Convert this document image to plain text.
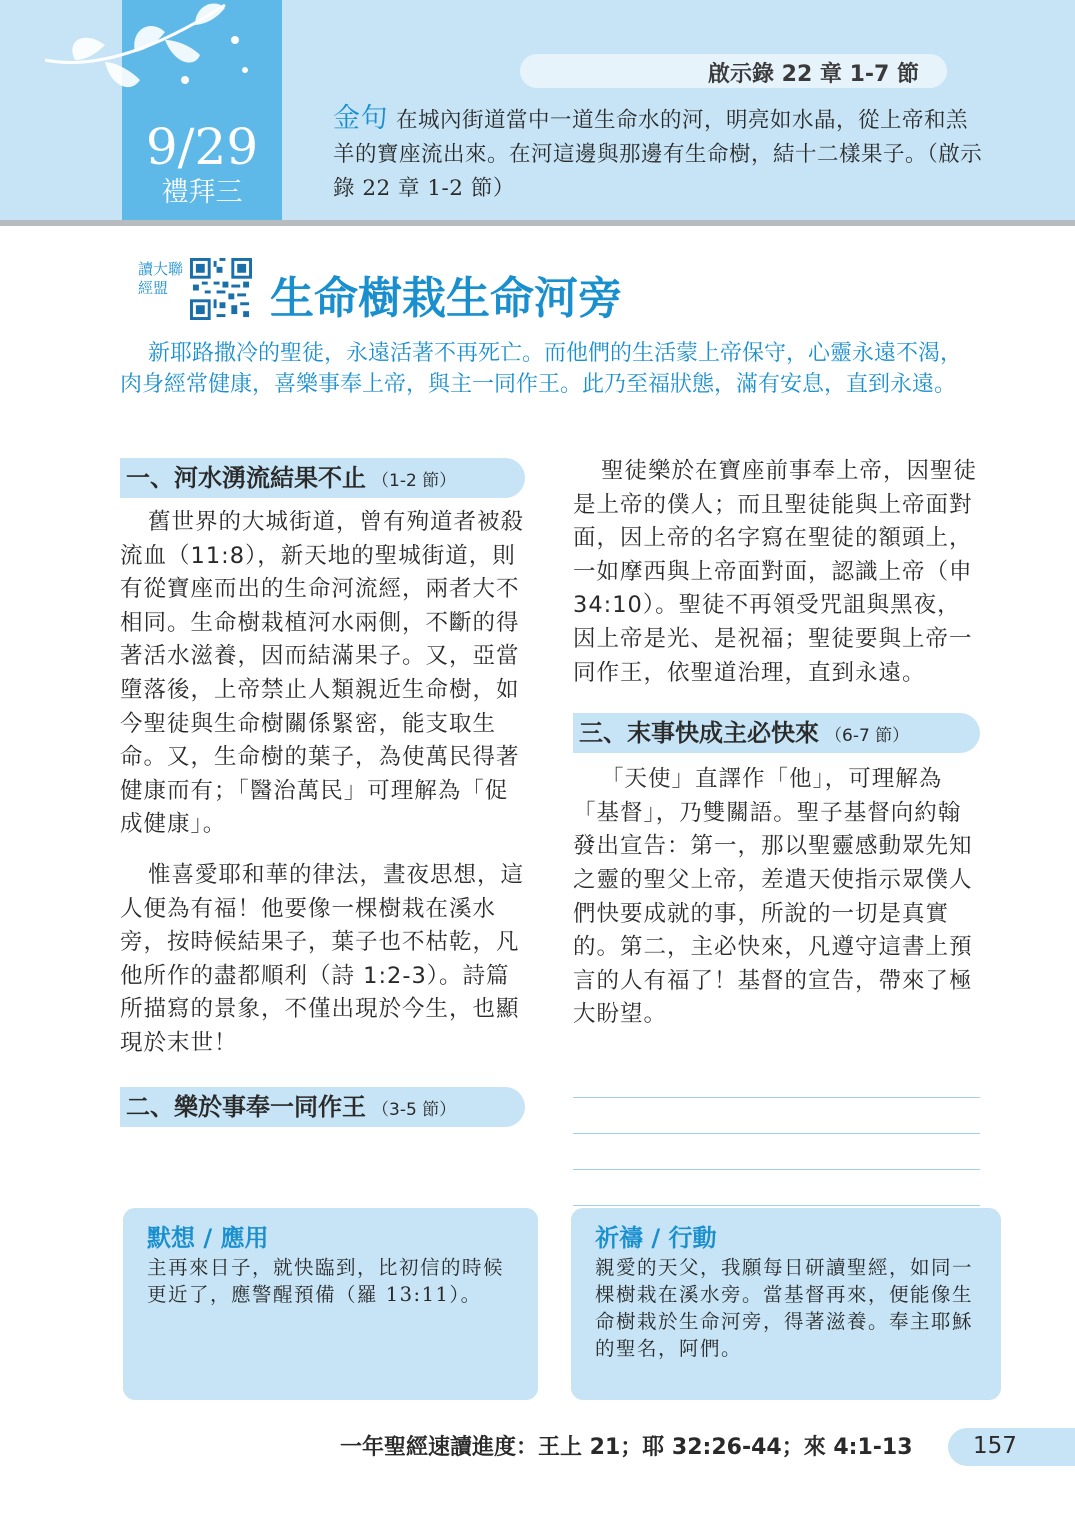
9/29
禮拜三
啟示錄 22 章 1-7 節
金句 在城內街道當中一道生命水的河，明亮如水晶，從上帝和羔羊的寶座流出來。在河這邊與那邊有生命樹，結十二樣果子。（啟示錄 22 章 1-2 節）
讀大聯經盟	生命樹栽生命河旁
新耶路撒冷的聖徒，永遠活著不再死亡。而他們的生活蒙上帝保守，心靈永遠不渴，肉身經常健康，喜樂事奉上帝，與主一同作王。此乃至福狀態，滿有安息，直到永遠。
一、河水湧流結果不止 （1-2 節）

舊世界的大城街道，曾有殉道者被殺流血（11:8），新天地的聖城街道，則有從寶座而出的生命河流經，兩者大不相同。生命樹栽植河水兩側，不斷的得著活水滋養，因而結滿果子。又，亞當墮落後，上帝禁止人類親近生命樹，如今聖徒與生命樹關係緊密，能支取生命。又，生命樹的葉子，為使萬民得著健康而有；「醫治萬民」可理解為「促成健康」。

惟喜愛耶和華的律法，晝夜思想，這人便為有福！他要像一棵樹栽在溪水旁，按時候結果子，葉子也不枯乾，凡他所作的盡都順利（詩 1:2-3）。詩篇所描寫的景象，不僅出現於今生，也顯現於末世！

二、樂於事奉一同作王 （3-5 節）

聖徒樂於在寶座前事奉上帝，因聖徒是上帝的僕人；而且聖徒能與上帝面對面，因上帝的名字寫在聖徒的額頭上，一如摩西與上帝面對面，認識上帝（申 34:10）。聖徒不再領受咒詛與黑夜，因上帝是光、是祝福；聖徒要與上帝一同作王，依聖道治理，直到永遠。

三、末事快成主必快來 （6-7 節）

「天使」直譯作「他」，可理解為「基督」，乃雙關語。聖子基督向約翰發出宣告：第一，那以聖靈感動眾先知之靈的聖父上帝，差遣天使指示眾僕人們快要成就的事，所說的一切是真實的。第二，主必快來，凡遵守這書上預言的人有福了！基督的宣告，帶來了極大盼望。

默想 / 應用
主再來日子，就快臨到，比初信的時候更近了，應警醒預備（羅 13:11）。
祈禱 / 行動
親愛的天父，我願每日研讀聖經，如同一棵樹栽在溪水旁。當基督再來，便能像生命樹栽於生命河旁，得著滋養。奉主耶穌的聖名，阿們。
一年聖經速讀進度：王上 21；耶 32:26-44；來 4:1-13	157
